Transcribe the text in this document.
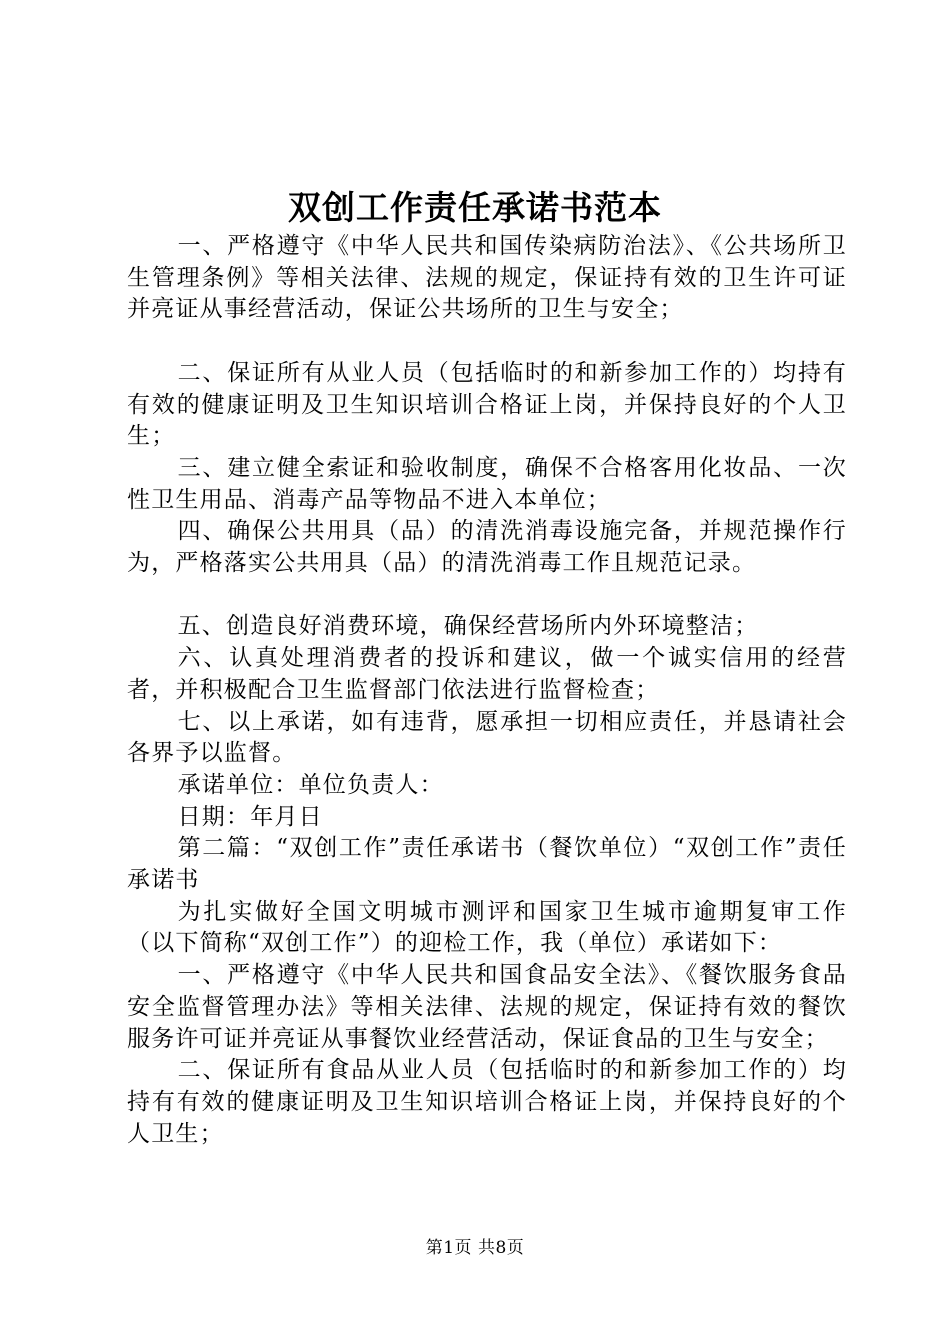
双创工作责任承诺书范本

一、严格遵守《中华人民共和国传染病防治法》、《公共场所卫生管理条例》等相关法律、法规的规定，保证持有效的卫生许可证并亮证从事经营活动，保证公共场所的卫生与安全；

二、保证所有从业人员（包括临时的和新参加工作的）均持有有效的健康证明及卫生知识培训合格证上岗，并保持良好的个人卫生；

三、建立健全索证和验收制度，确保不合格客用化妆品、一次性卫生用品、消毒产品等物品不进入本单位；

四、确保公共用具（品）的清洗消毒设施完备，并规范操作行为，严格落实公共用具（品）的清洗消毒工作且规范记录。

五、创造良好消费环境，确保经营场所内外环境整洁；

六、认真处理消费者的投诉和建议，做一个诚实信用的经营者，并积极配合卫生监督部门依法进行监督检查；

七、以上承诺，如有违背，愿承担一切相应责任，并恳请社会各界予以监督。

承诺单位：单位负责人：

日期：年月日

第二篇：“双创工作”责任承诺书（餐饮单位）“双创工作”责任承诺书

为扎实做好全国文明城市测评和国家卫生城市逾期复审工作（以下简称“双创工作”）的迎检工作，我（单位）承诺如下：

一、严格遵守《中华人民共和国食品安全法》、《餐饮服务食品安全监督管理办法》等相关法律、法规的规定，保证持有效的餐饮服务许可证并亮证从事餐饮业经营活动，保证食品的卫生与安全；

二、保证所有食品从业人员（包括临时的和新参加工作的）均持有有效的健康证明及卫生知识培训合格证上岗，并保持良好的个人卫生；

第1页 共8页
